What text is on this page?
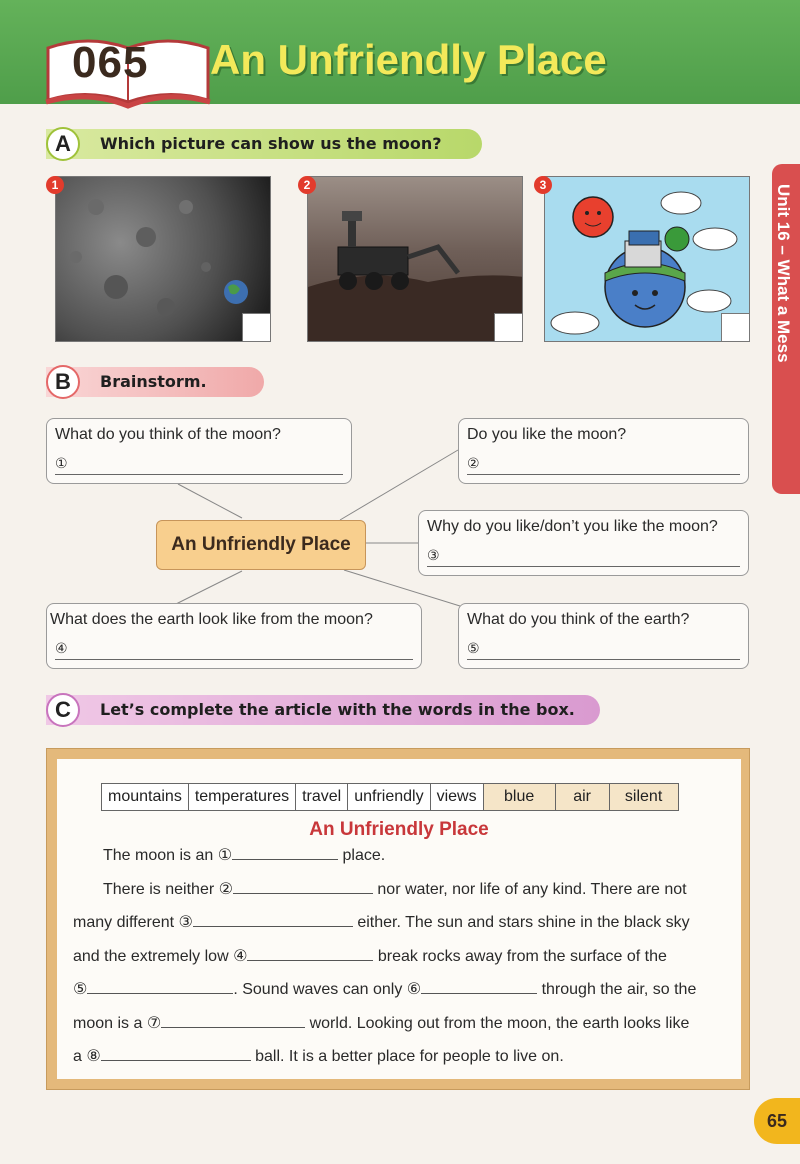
065 An Unfriendly Place
Unit 16 – What a Mess
A	Which picture can show us the moon?
1	2	3
B	Brainstorm.
What do you think of the moon?
①
Do you like the moon?
②
Why do you like/don’t you like the moon?
③
An Unfriendly Place
What does the earth look like from the moon?
④
What do you think of the earth?
⑤
C	Let’s complete the article with the words in the box.
mountains temperatures travel unfriendly views	blue	air	silent
An Unfriendly Place
The moon is an ①	place.
There is neither ②	nor water, nor life of any kind. There are not
many different ③	either. The sun and stars shine in the black sky
and the extremely low ④	break rocks away from the surface of the
⑤	. Sound waves can only ⑥	through the air, so the
moon is a ⑦	world. Looking out from the moon, the earth looks like
a ⑧	ball. It is a better place for people to live on.
65
